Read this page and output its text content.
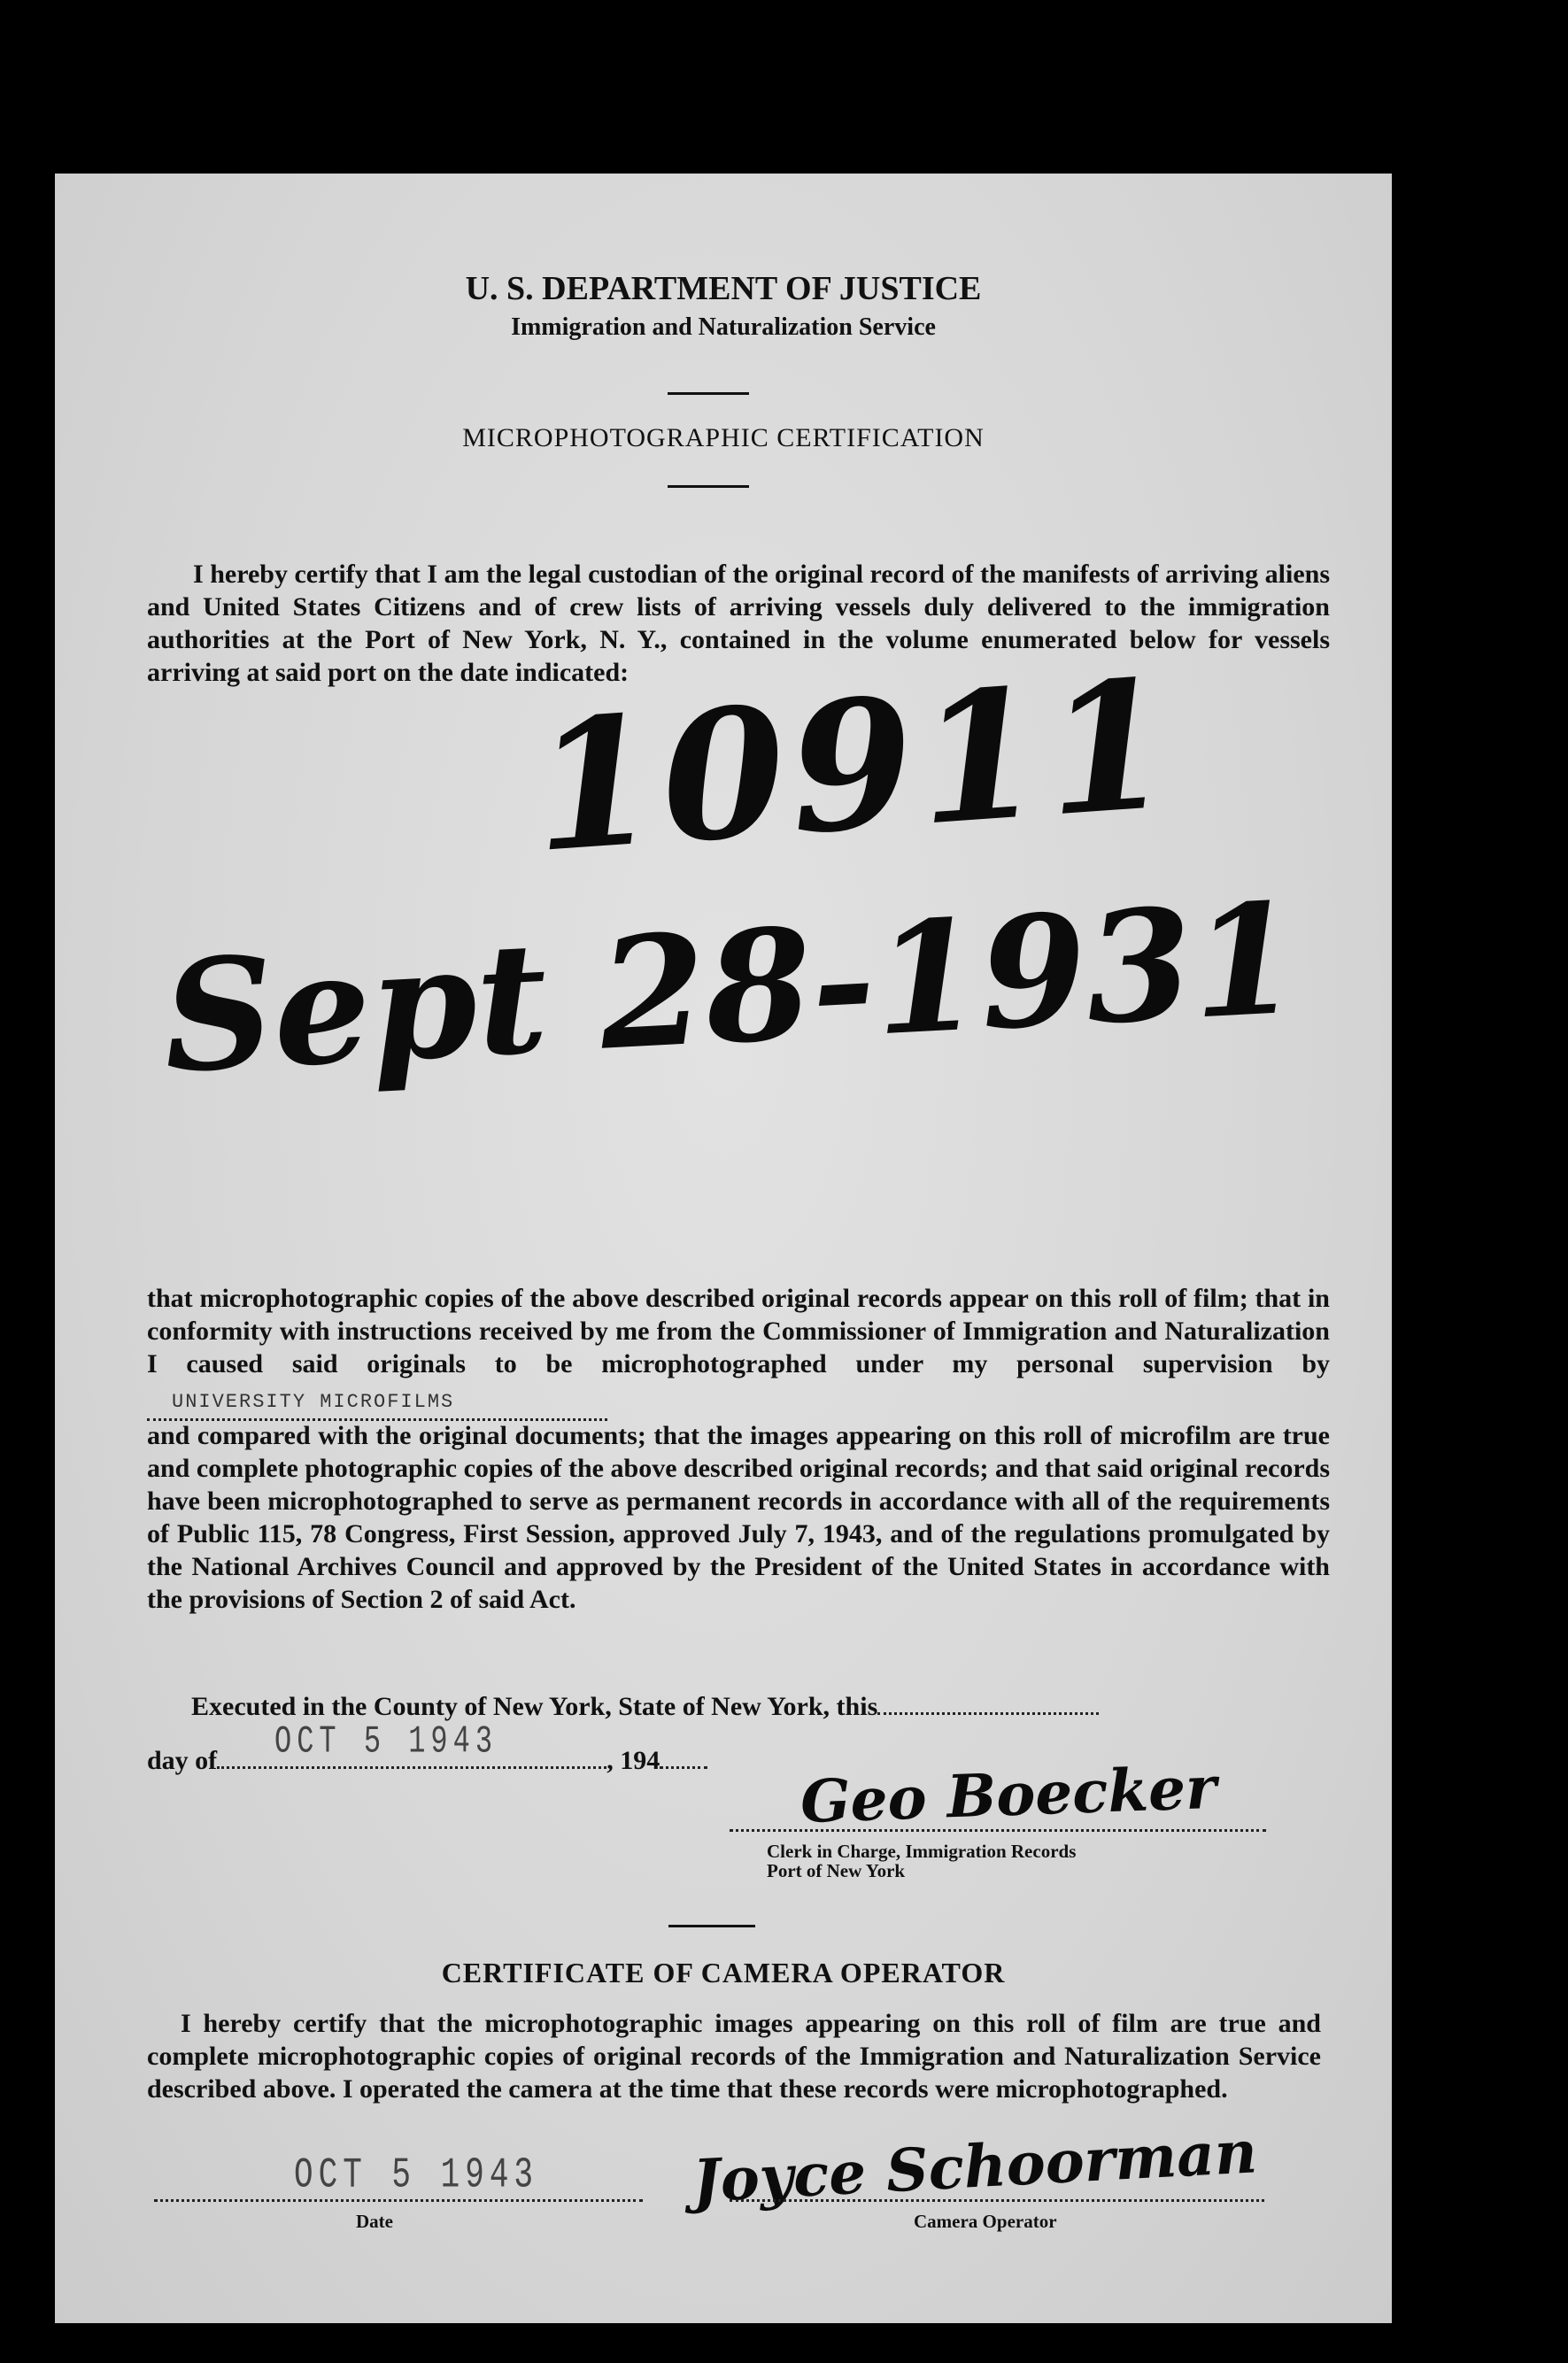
U. S. DEPARTMENT OF JUSTICE
Immigration and Naturalization Service
MICROPHOTOGRAPHIC CERTIFICATION

I hereby certify that I am the legal custodian of the original record of the manifests of arriving aliens and United States Citizens and of crew lists of arriving vessels duly delivered to the immigration authorities at the Port of New York, N. Y., contained in the volume enumerated below for vessels arriving at said port on the date indicated:

10911
Sept 28-1931

that microphotographic copies of the above described original records appear on this roll of film; that in conformity with instructions received by me from the Commissioner of Immigration and Naturalization I caused said originals to be microphotographed under my personal supervision by UNIVERSITY MICROFILMS

and compared with the original documents; that the images appearing on this roll of microfilm are true and complete photographic copies of the above described original records; and that said original records have been microphotographed to serve as permanent records in accordance with all of the requirements of Public 115, 78 Congress, First Session, approved July 7, 1943, and of the regulations promulgated by the National Archives Council and approved by the President of the United States in accordance with the provisions of Section 2 of said Act.

Executed in the County of New York, State of New York, this
OCT 5 1943
day of	, 194	Geo Boecker
Clerk in Charge, Immigration Records
Port of New York
CERTIFICATE OF CAMERA OPERATOR

I hereby certify that the microphotographic images appearing on this roll of film are true and complete microphotographic copies of original records of the Immigration and Naturalization Service described above. I operated the camera at the time that these records were microphotographed.

OCT 5 1943
Date
Joyce Schoorman
Camera Operator
